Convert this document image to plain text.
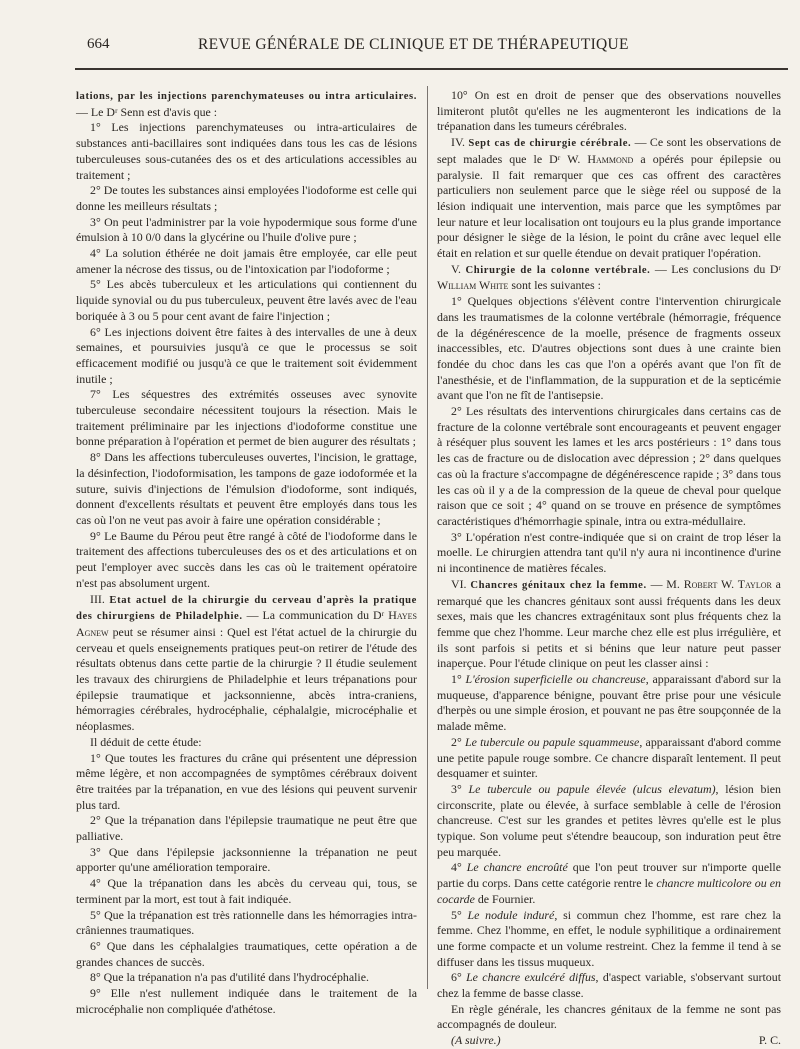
664	REVUE GÉNÉRALE DE CLINIQUE ET DE THÉRAPEUTIQUE

lations, par les injections parenchymateuses ou intra articulaires. — Le Dʳ Senn est d'avis que :

1° Les injections parenchymateuses ou intra-articulaires de substances anti-bacillaires sont indiquées dans tous les cas de lésions tuberculeuses sous-cutanées des os et des articulations accessibles au traitement ;

2° De toutes les substances ainsi employées l'iodoforme est celle qui donne les meilleurs résultats ;

3° On peut l'administrer par la voie hypodermique sous forme d'une émulsion à 10 0/0 dans la glycérine ou l'huile d'olive pure ;

4° La solution éthérée ne doit jamais être employée, car elle peut amener la nécrose des tissus, ou de l'intoxication par l'iodoforme ;

5° Les abcès tuberculeux et les articulations qui contiennent du liquide synovial ou du pus tuberculeux, peuvent être lavés avec de l'eau boriquée à 3 ou 5 pour cent avant de faire l'injection ;

6° Les injections doivent être faites à des intervalles de une à deux semaines, et poursuivies jusqu'à ce que le processus se soit efficacement modifié ou jusqu'à ce que le traitement soit évidemment inutile ;

7° Les séquestres des extrémités osseuses avec synovite tuberculeuse secondaire nécessitent toujours la résection. Mais le traitement préliminaire par les injections d'iodoforme constitue une bonne préparation à l'opération et permet de bien augurer des résultats ;

8° Dans les affections tuberculeuses ouvertes, l'incision, le grattage, la désinfection, l'iodoformisation, les tampons de gaze iodoformée et la suture, suivis d'injections de l'émulsion d'iodoforme, sont indiqués, donnent d'excellents résultats et peuvent être employés dans tous les cas où l'on ne veut pas avoir à faire une opération considérable ;

9° Le Baume du Pérou peut être rangé à côté de l'iodoforme dans le traitement des affections tuberculeuses des os et des articulations et on peut l'employer avec succès dans les cas où le traitement opératoire n'est pas absolument urgent.

III. Etat actuel de la chirurgie du cerveau d'après la pratique des chirurgiens de Philadelphie. — La communication du Dʳ Hayes Agnew peut se résumer ainsi : Quel est l'état actuel de la chirurgie du cerveau et quels enseignements pratiques peut-on retirer de l'étude des résultats obtenus dans cette partie de la chirurgie ? Il étudie seulement les travaux des chirurgiens de Philadelphie et leurs trépanations pour épilepsie traumatique et jacksonnienne, abcès intra-craniens, hémorragies cérébrales, hydrocéphalie, céphalalgie, microcéphalie et néoplasmes.

Il déduit de cette étude:

1° Que toutes les fractures du crâne qui présentent une dépression même légère, et non accompagnées de symptômes cérébraux doivent être traitées par la trépanation, en vue des lésions qui peuvent survenir plus tard.

2° Que la trépanation dans l'épilepsie traumatique ne peut être que palliative.

3° Que dans l'épilepsie jacksonnienne la trépanation ne peut apporter qu'une amélioration temporaire.

4° Que la trépanation dans les abcès du cerveau qui, tous, se terminent par la mort, est tout à fait indiquée.

5° Que la trépanation est très rationnelle dans les hémorragies intra-crâniennes traumatiques.

6° Que dans les céphalalgies traumatiques, cette opération a de grandes chances de succès.

8° Que la trépanation n'a pas d'utilité dans l'hydrocéphalie.

9° Elle n'est nullement indiquée dans le traitement de la microcéphalie non compliquée d'athétose.

10° On est en droit de penser que des observations nouvelles limiteront plutôt qu'elles ne les augmenteront les indications de la trépanation dans les tumeurs cérébrales.

IV. Sept cas de chirurgie cérébrale. — Ce sont les observations de sept malades que le Dʳ W. Hammond a opérés pour épilepsie ou paralysie. Il fait remarquer que ces cas offrent des caractères particuliers non seulement parce que le siège réel ou supposé de la lésion indiquait une intervention, mais parce que les symptômes par leur nature et leur localisation ont toujours eu la plus grande importance pour désigner le siège de la lésion, le point du crâne avec lequel elle était en relation et sur quelle étendue on devait pratiquer l'opération.

V. Chirurgie de la colonne vertébrale. — Les conclusions du Dʳ William White sont les suivantes :

1° Quelques objections s'élèvent contre l'intervention chirurgicale dans les traumatismes de la colonne vertébrale (hémorragie, fréquence de la dégénérescence de la moelle, présence de fragments osseux inaccessibles, etc. D'autres objections sont dues à une crainte bien fondée du choc dans les cas que l'on a opérés avant que l'on fît de l'anesthésie, et de l'inflammation, de la suppuration et de la septicémie avant que l'on ne fît de l'antisepsie.

2° Les résultats des interventions chirurgicales dans certains cas de fracture de la colonne vertébrale sont encourageants et peuvent engager à réséquer plus souvent les lames et les arcs postérieurs : 1° dans tous les cas de fracture ou de dislocation avec dépression ; 2° dans quelques cas où la fracture s'accompagne de dégénérescence rapide ; 3° dans tous les cas où il y a de la compression de la queue de cheval pour quelque raison que ce soit ; 4° quand on se trouve en présence de symptômes caractéristiques d'hémorrhagie spinale, intra ou extra-médullaire.

3° L'opération n'est contre-indiquée que si on craint de trop léser la moelle. Le chirurgien attendra tant qu'il n'y aura ni incontinence d'urine ni incontinence de matières fécales.

VI. Chancres génitaux chez la femme. — M. Robert W. Taylor a remarqué que les chancres génitaux sont aussi fréquents dans les deux sexes, mais que les chancres extragénitaux sont plus fréquents chez la femme que chez l'homme. Leur marche chez elle est plus irrégulière, et ils sont parfois si petits et si bénins que leur nature peut passer inaperçue. Pour l'étude clinique on peut les classer ainsi :

1° L'érosion superficielle ou chancreuse, apparaissant d'abord sur la muqueuse, d'apparence bénigne, pouvant être prise pour une vésicule d'herpès ou une simple érosion, et pouvant ne pas être soupçonnée de la malade même.

2° Le tubercule ou papule squammeuse, apparaissant d'abord comme une petite papule rouge sombre. Ce chancre disparaît lentement. Il peut desquamer et suinter.

3° Le tubercule ou papule élevée (ulcus elevatum), lésion bien circonscrite, plate ou élevée, à surface semblable à celle de l'érosion chancreuse. C'est sur les grandes et petites lèvres qu'elle est le plus typique. Son volume peut s'étendre beaucoup, son induration peut être peu marquée.

4° Le chancre encroûté que l'on peut trouver sur n'importe quelle partie du corps. Dans cette catégorie rentre le chancre multicolore ou en cocarde de Fournier.

5° Le nodule induré, si commun chez l'homme, est rare chez la femme. Chez l'homme, en effet, le nodule syphilitique a ordinairement une forme compacte et un volume restreint. Chez la femme il tend à se diffuser dans les tissus muqueux.

6° Le chancre exulcéré diffus, d'aspect variable, s'observant surtout chez la femme de basse classe.

En règle générale, les chancres génitaux de la femme ne sont pas accompagnés de douleur.

(A suivre.)	P. C.
